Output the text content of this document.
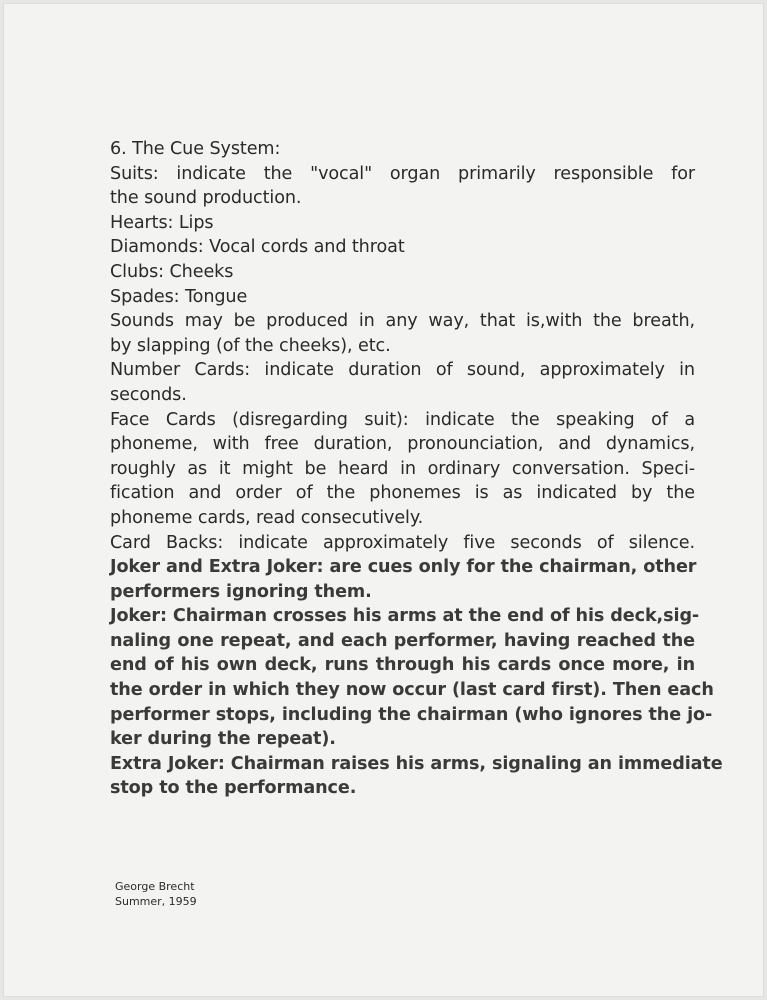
6. The Cue System:
Suits: indicate the "vocal" organ primarily responsible for
the sound production.
Hearts: Lips
Diamonds: Vocal cords and throat
Clubs: Cheeks
Spades: Tongue
Sounds may be produced in any way, that is,with the breath,
by slapping (of the cheeks), etc.
Number Cards: indicate duration of sound, approximately in
seconds.
Face Cards (disregarding suit): indicate the speaking of a
phoneme, with free duration, pronounciation, and dynamics,
roughly as it might be heard in ordinary conversation. Speci-
fication and order of the phonemes is as indicated by the
phoneme cards, read consecutively.
Card Backs: indicate approximately five seconds of silence.
Joker and Extra Joker: are cues only for the chairman, other
performers ignoring them.
Joker: Chairman crosses his arms at the end of his deck,sig-
naling one repeat, and each performer, having reached the
end of his own deck, runs through his cards once more, in
the order in which they now occur (last card first). Then each
performer stops, including the chairman (who ignores the jo-
ker during the repeat).
Extra Joker: Chairman raises his arms, signaling an immediate
stop to the performance.
George Brecht
Summer, 1959
